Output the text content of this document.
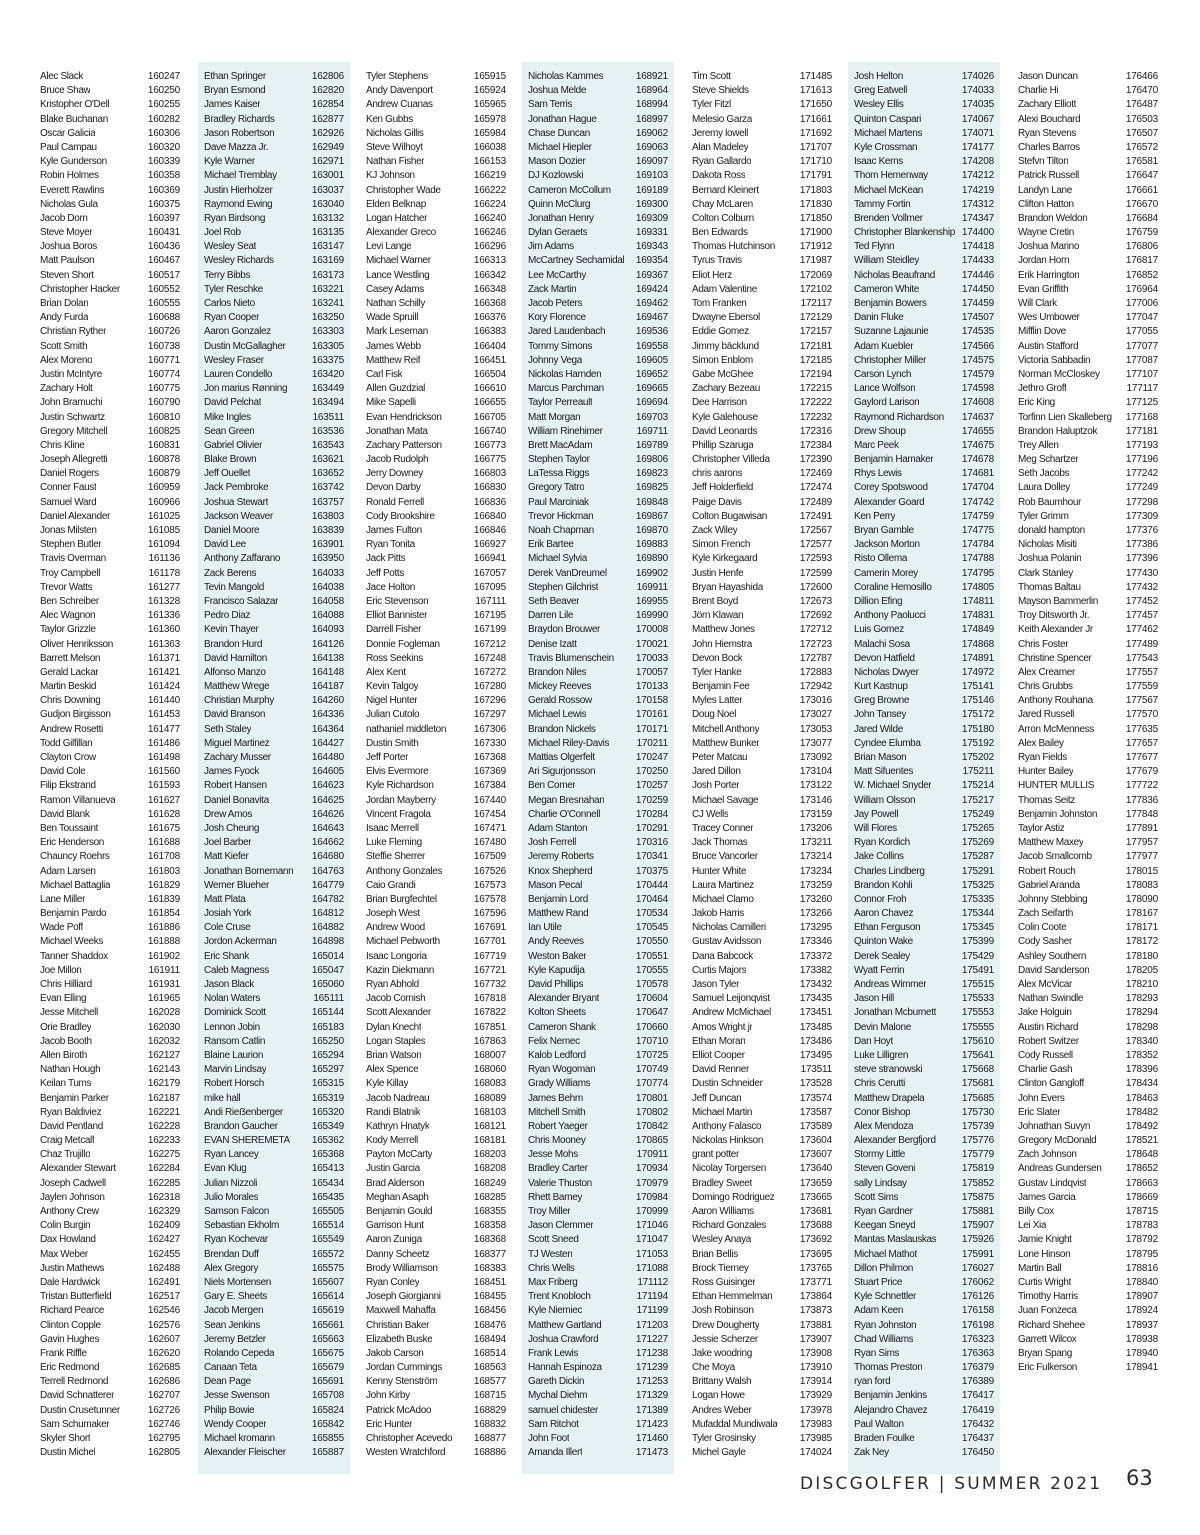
Alec Slack	160247
Bruce Shaw	160250
Kristopher O'Dell	160255
Blake Buchanan	160282
Oscar Galicia	160306
Paul Campau	160320
Kyle Gunderson	160339
Robin Holmes	160358
Everett Rawlins	160369
Nicholas Gula	160375
Jacob Dorn	160397
Steve Moyer	160431
Joshua Boros	160436
Matt Paulson	160467
Steven Short	160517
Christopher Hacker	160552
Brian Dolan	160555
Andy Furda	160688
Christian Ryther	160726
Scott Smith	160738
Alex Moreno	160771
Justin McIntyre	160774
Zachary Holt	160775
John Bramuchi	160790
Justin Schwartz	160810
Gregory Mitchell	160825
Chris Kline	160831
Joseph Allegretti	160878
Daniel Rogers	160879
Conner Faust	160959
Samuel Ward	160966
Daniel Alexander	161025
Jonas Milsten	161085
Stephen Butler	161094
Travis Overman	161136
Troy Campbell	161178
Trevor Watts	161277
Ben Schreiber	161328
Alec Wagnon	161336
Taylor Grizzle	161360
Oliver Henriksson	161363
Barrett Melson	161371
Gerald Lackar	161421
Martin Beskid	161424
Chris Downing	161440
Gudjon Birgisson	161453
Andrew Rosetti	161477
Todd Gilfillan	161486
Clayton Crow	161498
David Cole	161560
Filip Ekstrand	161593
Ramon Villanueva	161627
David Blank	161628
Ben Toussaint	161675
Eric Henderson	161688
Chauncy Roehrs	161708
Adam Larsen	161803
Michael Battaglia	161829
Lane Miller	161839
Benjamin Pardo	161854
Wade Poff	161886
Michael Weeks	161888
Tanner Shaddox	161902
Joe Millon	161911
Chris Hilliard	161931
Evan Elling	161965
Jesse Mitchell	162028
Orie Bradley	162030
Jacob Booth	162032
Allen Biroth	162127
Nathan Hough	162143
Keilan Tums	162179
Benjamin Parker	162187
Ryan Baldiviez	162221
David Pentland	162228
Craig Metcalf	162233
Chaz Trujillo	162275
Alexander Stewart	162284
Joseph Cadwell	162285
Jaylen Johnson	162318
Anthony Crew	162329
Colin Burgin	162409
Dax Howland	162427
Max Weber	162455
Justin Mathews	162488
Dale Hardwick	162491
Tristan Butterfield	162517
Richard Pearce	162546
Clinton Copple	162576
Gavin Hughes	162607
Frank Riffle	162620
Eric Redmond	162685
Terrell Redmond	162686
David Schnatterer	162707
Dustin Crusetunner	162726
Sam Schumaker	162746
Skyler Short	162795
Dustin Michel	162805
Ethan Springer	162806
Bryan Esmond	162820
James Kaiser	162854
Bradley Richards	162877
Jason Robertson	162926
Dave Mazza Jr.	162949
Kyle Warner	162971
Michael Tremblay	163001
Justin Hierholzer	163037
Raymond Ewing	163040
Ryan Birdsong	163132
Joel Rob	163135
Wesley Seat	163147
Wesley Richards	163169
Terry Bibbs	163173
Tyler Reschke	163221
Carlos Nieto	163241
Ryan Cooper	163250
Aaron Gonzalez	163303
Dustin McGallagher	163305
Wesley Fraser	163375
Lauren Condello	163420
Jon marius Rønning 163449
David Pelchat	163494
Mike Ingles	163511
Sean Green	163536
Gabriel Olivier	163543
Blake Brown	163621
Jeff Ouellet	163652
Jack Pembroke	163742
Joshua Stewart	163757
Jackson Weaver	163803
Daniel Moore	163839
David Lee	163901
Anthony Zaffarano	163950
Zack Berens	164033
Tevin Mangold	164038
Francisco Salazar	164058
Pedro Diaz	164088
Kevin Thayer	164093
Brandon Hurd	164126
David Hamilton	164138
Alfonso Manzo	164148
Matthew Wrege	164187
Christian Murphy	164260
David Branson	164336
Seth Staley	164364
Miguel Martinez	164427
Zachary Musser	164480
James Fyock	164605
Robert Hansen	164623
Daniel Bonavita	164625
Drew Amos	164626
Josh Cheung	164643
Joel Barber	164662
Matt Kiefer	164680
Jonathan Bornemann 164763
Werner Blueher	164779
Matt Plata	164782
Josiah York	164812
Cole Cruse	164882
Jordon Ackerman	164898
Eric Shank	165014
Caleb Magness	165047
Jason Black	165060
Nolan Waters	165111
Dominick Scott	165144
Lennon Jobin	165183
Ransom Catlin	165250
Blaine Laurion	165294
Marvin Lindsay	165297
Robert Horsch	165315
mike hall	165319
Andi Rieẞenberger	165320
Brandon Gaucher	165349
EVAN SHEREMETA 165362
Ryan Lancey	165368
Evan Klug	165413
Julian Nizzoli	165434
Julio Morales	165435
Samson Falcon	165505
Sebastian Ekholm	165514
Ryan Kochevar	165549
Brendan Duff	165572
Alex Gregory	165575
Niels Mortensen	165607
Gary E. Sheets	165614
Jacob Mergen	165619
Sean Jenkins	165661
Jeremy Betzler	165663
Rolando Cepeda	165675
Canaan Teta	165679
Dean Page	165691
Jesse Swenson	165708
Philip Bowie	165824
Wendy Cooper	165842
Michael kromann	165855
Alexander Fleischer	165887
Tyler Stephens	165915
Andy Davenport	165924
Andrew Cuanas	165965
Ken Gubbs	165978
Nicholas Gillis	165984
Steve Wilhoyt	166038
Nathan Fisher	166153
KJ Johnson	166219
Christopher Wade	166222
Elden Belknap	166224
Logan Hatcher	166240
Alexander Greco	166246
Levi Lange	166296
Michael Warner	166313
Lance Westling	166342
Casey Adams	166348
Nathan Schilly	166368
Wade Spruill	166376
Mark Leseman	166383
James Webb	166404
Matthew Reif	166451
Carl Fisk	166504
Allen Guzdzial	166610
Mike Sapelli	166655
Evan Hendrickson	166705
Jonathan Mata	166740
Zachary Patterson	166773
Jacob Rudolph	166775
Jerry Downey	166803
Devon Darby	166830
Ronald Ferrell	166836
Cody Brookshire	166840
James Fulton	166846
Ryan Tonita	166927
Jack Pitts	166941
Jeff Potts	167057
Jace Holton	167095
Eric Stevenson	167111
Elliot Bannister	167195
Darrell Fisher	167199
Donnie Fogleman	167212
Ross Seekins	167248
Alex Kent	167272
Kevin Talgoy	167280
Nigel Hunter	167296
Julian Cutolo	167297
nathaniel middleton	167306
Dustin Smith	167330
Jeff Porter	167368
Elvis Evermore	167369
Kyle Richardson	167384
Jordan Mayberry	167440
Vincent Fragola	167454
Isaac Merrell	167471
Luke Fleming	167480
Steffie Sherrer	167509
Anthony Gonzales	167526
Caio Grandi	167573
Brian Burgfechtel	167578
Joseph West	167596
Andrew Wood	167691
Michael Pebworth	167701
Isaac Longoria	167719
Kazin Diekmann	167721
Ryan Abhold	167732
Jacob Cornish	167818
Scott Alexander	167822
Dylan Knecht	167851
Logan Staples	167863
Brian Watson	168007
Alex Spence	168060
Kyle Killay	168083
Jacob Nadreau	168089
Randi Blatnik	168103
Kathryn Hnatyk	168121
Kody Merrell	168181
Payton McCarty	168203
Justin Garcia	168208
Brad Alderson	168249
Meghan Asaph	168285
Benjamin Gould	168355
Garrison Hunt	168358
Aaron Zuniga	168368
Danny Scheetz	168377
Brody Williamson	168383
Ryan Conley	168451
Joseph Giorgianni	168455
Maxwell Mahaffa	168456
Christian Baker	168476
Elizabeth Buske	168494
Jakob Carson	168514
Jordan Cummings	168563
Kenny Stenström	168577
John Kirby	168715
Patrick McAdoo	168829
Eric Hunter	168832
Christopher Acevedo 168877
Westen Wratchford	168886
Nicholas Kammes	168921
Joshua Melde	168964
Sam Terris	168994
Jonathan Hague	168997
Chase Duncan	169062
Michael Hiepler	169063
Mason Dozier	169097
DJ Kozlowski	169103
Cameron McCollum	169189
Quinn McClurg	169300
Jonathan Henry	169309
Dylan Geraets	169331
Jim Adams	169343
McCartney Sechamidal 169354
Lee McCarthy	169367
Zack Martin	169424
Jacob Peters	169462
Kory Florence	169467
Jared Laudenbach	169536
Tommy Simons	169558
Johnny Vega	169605
Nickolas Harnden	169652
Marcus Parchman	169665
Taylor Perreault	169694
Matt Morgan	169703
William Rinehimer	169711
Brett MacAdam	169789
Stephen Taylor	169806
LaTessa Riggs	169823
Gregory Tatro	169825
Paul Marciniak	169848
Trevor Hickman	169867
Noah Chapman	169870
Erik Bartee	169883
Michael Sylvia	169890
Derek VanDreumel	169902
Stephen Gilchrist	169911
Seth Beaver	169955
Darren Lile	169990
Braydon Brouwer	170008
Denise Izatt	170021
Travis Blumenschein 170033
Brandon Niles	170057
Mickey Reeves	170133
Gerald Rossow	170158
Michael Lewis	170161
Brandon Nickels	170171
Michael Riley-Davis	170211
Mattias Olgerfelt	170247
Ari Sigurjonsson	170250
Ben Comer	170257
Megan Bresnahan	170259
Charlie O'Connell	170284
Adam Stanton	170291
Josh Ferrell	170316
Jeremy Roberts	170341
Knox Shepherd	170375
Mason Pecal	170444
Benjamin Lord	170464
Matthew Rand	170534
Ian Utile	170545
Andy Reeves	170550
Weston Baker	170551
Kyle Kapudija	170555
David Phillips	170578
Alexander Bryant	170604
Kolton Sheets	170647
Cameron Shank	170660
Felix Nemec	170710
Kalob Ledford	170725
Ryan Wogoman	170749
Grady Williams	170774
James Behm	170801
Mitchell Smith	170802
Robert Yaeger	170842
Chris Mooney	170865
Jesse Mohs	170911
Bradley Carter	170934
Valerie Thuston	170979
Rhett Barney	170984
Troy Miller	170999
Jason Clemmer	171046
Scott Sneed	171047
TJ Westen	171053
Chris Wells	171088
Max Friberg	171112
Trent Knobloch	171194
Kyle Niemiec	171199
Matthew Gartland	171203
Joshua Crawford	171227
Frank Lewis	171238
Hannah Espinoza	171239
Gareth Dickin	171253
Mychal Diehm	171329
samuel chidester	171389
Sam Ritchot	171423
John Foot	171460
Amanda Illert	171473
Tim Scott	171485
Steve Shields	171613
Tyler Fitzl	171650
Melesio Garza	171661
Jeremy lowell	171692
Alan Madeley	171707
Ryan Gallardo	171710
Dakota Ross	171791
Bernard Kleinert	171803
Chay McLaren	171830
Colton Colburn	171850
Ben Edwards	171900
Thomas Hutchinson 171912
Tyrus Travis	171987
Eliot Herz	172069
Adam Valentine	172102
Tom Franken	172117
Dwayne Ebersol	172129
Eddie Gomez	172157
Jimmy bäcklund	172181
Simon Enblom	172185
Gabe McGhee	172194
Zachary Bezeau	172215
Dee Harrison	172222
Kyle Galehouse	172232
David Leonards	172316
Phillip Szaruga	172384
Christopher Villeda	172390
chris aarons	172469
Jeff Holderfield	172474
Paige Davis	172489
Colton Bugawisan	172491
Zack Wiley	172567
Simon French	172577
Kyle Kirkegaard	172593
Justin Henfe	172599
Bryan Hayashida	172600
Brent Boyd	172673
Jörn Klawan	172692
Matthew Jones	172712
John Hiemstra	172723
Devon Bock	172787
Tyler Hanke	172883
Benjamin Fee	172942
Myles Latter	173016
Doug Noel	173027
Mitchell Anthony	173053
Matthew Bunker	173077
Peter Matcau	173092
Jared Dillon	173104
Josh Porter	173122
Michael Savage	173146
CJ Wells	173159
Tracey Conner	173206
Jack Thomas	173211
Bruce Vancorler	173214
Hunter White	173234
Laura Martinez	173259
Michael Clamo	173260
Jakob Harris	173266
Nicholas Camilleri	173295
Gustav Avidsson	173346
Dana Babcock	173372
Curtis Majors	173382
Jason Tyler	173432
Samuel Leijonqvist	173435
Andrew McMichael	173451
Amos Wright jr	173485
Ethan Moran	173486
Elliot Cooper	173495
David Renner	173511
Dustin Schneider	173528
Jeff Duncan	173574
Michael Martin	173587
Anthony Falasco	173589
Nickolas Hinkson	173604
grant potter	173607
Nicolay Torgersen	173640
Bradley Sweet	173659
Domingo Rodriguez	173665
Aaron Williams	173681
Richard Gonzales	173688
Wesley Anaya	173692
Brian Bellis	173695
Brock Tierney	173765
Ross Guisinger	173771
Ethan Hemmelman	173864
Josh Robinson	173873
Drew Dougherty	173881
Jessie Scherzer	173907
Jake woodring	173908
Che Moya	173910
Brittany Walsh	173914
Logan Howe	173929
Andres Weber	173978
Mufaddal Mundiwala 173983
Tyler Grosinsky	173985
Michel Gayle	174024
Josh Helton	174026
Greg Eatwell	174033
Wesley Ellis	174035
Quinton Caspari	174067
Michael Martens	174071
Kyle Crossman	174177
Isaac Kerns	174208
Thom Hemenway	174212
Michael McKean	174219
Tammy Fortin	174312
Brenden Vollmer	174347
Christopher Blankenship 174400
Ted Flynn	174418
William Steidley	174433
Nicholas Beaufrand	174446
Cameron White	174450
Benjamin Bowers	174459
Danin Fluke	174507
Suzanne Lajaunie	174535
Adam Kuebler	174566
Christopher Miller	174575
Carson Lynch	174579
Lance Wolfson	174598
Gaylord Larison	174608
Raymond Richardson 174637
Drew Shoup	174655
Marc Peek	174675
Benjamin Hamaker	174678
Rhys Lewis	174681
Corey Spotswood	174704
Alexander Goard	174742
Ken Perry	174759
Bryan Gamble	174775
Jackson Morton	174784
Risto Ollema	174788
Camerin Morey	174795
Coraline Hemosillo	174805
Dillion Efing	174811
Anthony Paolucci	174831
Luis Gomez	174849
Malachi Sosa	174868
Devon Hatfield	174891
Nicholas Dwyer	174972
Kurt Kastnup	175141
Greg Browne	175146
John Tansey	175172
Jared Wilde	175180
Cyndee Elumba	175192
Brian Mason	175202
Matt Sifuentes	175211
W. Michael Snyder	175214
William Olsson	175217
Jay Powell	175249
Will Flores	175265
Ryan Kordich	175269
Jake Collins	175287
Charles Lindberg	175291
Brandon Kohli	175325
Connor Froh	175335
Aaron Chavez	175344
Ethan Ferguson	175345
Quinton Wake	175399
Derek Sealey	175429
Wyatt Ferrin	175491
Andreas Wimmer	175515
Jason Hill	175533
Jonathan Mcburnett	175553
Devin Malone	175555
Dan Hoyt	175610
Luke Lilligren	175641
steve stranowski	175668
Chris Cerutti	175681
Matthew Drapela	175685
Conor Bishop	175730
Alex Mendoza	175739
Alexander Bergfjord	175776
Stormy Little	175779
Steven Goveni	175819
sally Lindsay	175852
Scott Sims	175875
Ryan Gardner	175881
Keegan Sneyd	175907
Mantas Maslauskas	175926
Michael Mathot	175991
Dillon Philmon	176027
Stuart Price	176062
Kyle Schnettler	176126
Adam Keen	176158
Ryan Johnston	176198
Chad Williams	176323
Ryan Sims	176363
Thomas Preston	176379
ryan ford	176389
Benjamin Jenkins	176417
Alejandro Chavez	176419
Paul Walton	176432
Braden Foulke	176437
Zak Ney	176450
Jason Duncan	176466
Charlie Hi	176470
Zachary Elliott	176487
Alexi Bouchard	176503
Ryan Stevens	176507
Charles Barros	176572
Stefvn Tilton	176581
Patrick Russell	176647
Landyn Lane	176661
Clifton Hatton	176670
Brandon Weldon	176684
Wayne Cretin	176759
Joshua Marino	176806
Jordan Horn	176817
Erik Harrington	176852
Evan Griffith	176964
Will Clark	177006
Wes Umbower	177047
Mifflin Dove	177055
Austin Stafford	177077
Victoria Sabbadin	177087
Norman McCloskey	177107
Jethro Groff	177117
Eric King	177125
Torfinn Lien Skalleberg 177168
Brandon Haluptzok	177181
Trey Allen	177193
Meg Schartzer	177196
Seth Jacobs	177242
Laura Dolley	177249
Rob Baumhour	177298
Tyler Grimm	177309
donald hampton	177376
Nicholas Misiti	177386
Joshua Polanin	177396
Clark Stanley	177430
Thomas Baltau	177432
Mayson Bammerlin	177452
Troy Ditsworth Jr.	177457
Keith Alexander Jr	177462
Chris Foster	177489
Christine Spencer	177543
Alex Creamer	177557
Chris Grubbs	177559
Anthony Rouhana	177567
Jared Russell	177570
Arron McMenness	177635
Alex Bailey	177657
Ryan Fields	177677
Hunter Bailey	177679
HUNTER MULLIS	177722
Thomas Seitz	177836
Benjamin Johnston	177848
Taylor Astiz	177891
Matthew Maxey	177957
Jacob Smallcomb	177977
Robert Rouch	178015
Gabriel Aranda	178083
Johnny Stebbing	178090
Zach Seifarth	178167
Colin Coote	178171
Cody Sasher	178172
Ashley Southern	178180
David Sanderson	178205
Alex McVicar	178210
Nathan Swindle	178293
Jake Holguin	178294
Austin Richard	178298
Robert Switzer	178340
Cody Russell	178352
Charlie Gash	178396
Clinton Gangloff	178434
John Evers	178463
Eric Slater	178482
Johnathan Suvyn	178492
Gregory McDonald	178521
Zach Johnson	178648
Andreas Gundersen 178652
Gustav Lindqvist	178663
James Garcia	178669
Billy Cox	178715
Lei Xia	178783
Jamie Knight	178792
Lone Hinson	178795
Martin Ball	178816
Curtis Wright	178840
Timothy Harris	178907
Juan Fonzeca	178924
Richard Shehee	178937
Garrett Wilcox	178938
Bryan Spang	178940
Eric Fulkerson	178941
DISCGOLFER | SUMMER 2021	63
